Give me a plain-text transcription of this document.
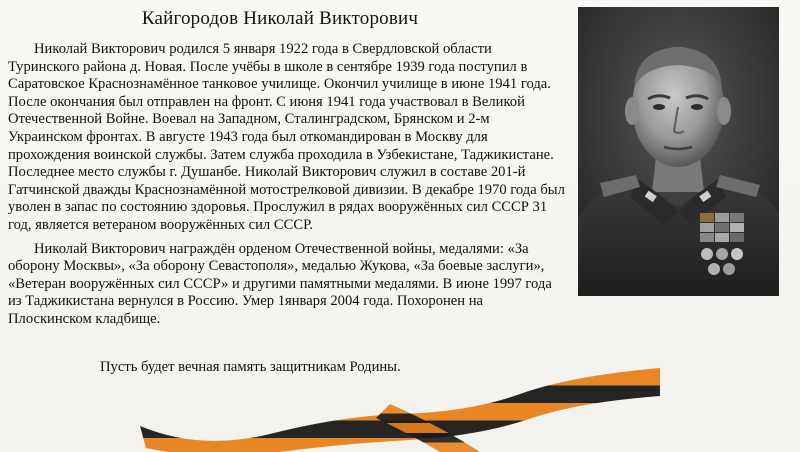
Кайгородов Николай Викторович

Николай Викторович родился 5 января 1922 года в Свердловской области Туринского района д. Новая. После учёбы в школе в сентябре 1939 года поступил в Саратовское Краснознамённое танковое училище. Окончил училище в июне 1941 года. После окончания был отправлен на фронт. С июня 1941 года участвовал в Великой Отечественной Войне. Воевал на Западном, Сталинградском, Брянском и 2-м Украинском фронтах. В августе 1943 года был откомандирован в Москву для прохождения воинской службы. Затем служба проходила в Узбекистане, Таджикистане. Последнее место службы г. Душанбе. Николай Викторович служил в составе 201-й Гатчинской дважды Краснознамённой мотострелковой дивизии. В декабре 1970 года был уволен в запас по состоянию здоровья. Прослужил в рядах вооружённых сил СССР 31 год, является ветераном вооружённых сил СССР.

Николай Викторович награждён орденом Отечественной войны, медалями: «За оборону Москвы», «За оборону Севастополя», медалью Жукова, «За боевые заслуги», «Ветеран вооружённых сил СССР» и другими памятными медалями. В июне 1997 года из Таджикистана вернулся в Россию. Умер 1января 2004 года. Похоронен на Плоскинском кладбище.

Пусть будет вечная память защитникам Родины.
